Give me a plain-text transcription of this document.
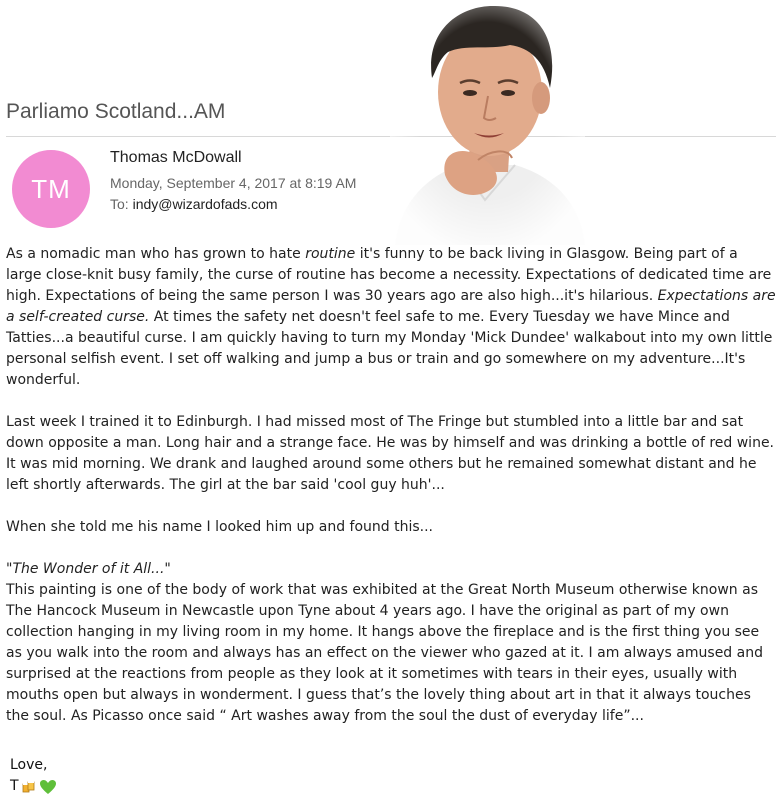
Parliamo Scotland...AM
TM
Thomas McDowall
Monday, September 4, 2017 at 8:19 AM
To: indy@wizardofads.com

As a nomadic man who has grown to hate routine it's funny to be back living in Glasgow. Being part of a large close-knit busy family, the curse of routine has become a necessity. Expectations of dedicated time are high. Expectations of being the same person I was 30 years ago are also high...it's hilarious. Expectations are a self-created curse. At times the safety net doesn't feel safe to me. Every Tuesday we have Mince and Tatties...a beautiful curse. I am quickly having to turn my Monday 'Mick Dundee' walkabout into my own little personal selfish event. I set off walking and jump a bus or train and go somewhere on my adventure...It's wonderful.

Last week I trained it to Edinburgh. I had missed most of The Fringe but stumbled into a little bar and sat down opposite a man. Long hair and a strange face. He was by himself and was drinking a bottle of red wine. It was mid morning. We drank and laughed around some others but he remained somewhat distant and he left shortly afterwards. The girl at the bar said 'cool guy huh'...

When she told me his name I looked him up and found this...

"The Wonder of it All..."

This painting is one of the body of work that was exhibited at the Great North Museum otherwise known as The Hancock Museum in Newcastle upon Tyne about 4 years ago. I have the original as part of my own collection hanging in my living room in my home. It hangs above the fireplace and is the first thing you see as you walk into the room and always has an effect on the viewer who gazed at it. I am always amused and surprised at the reactions from people as they look at it sometimes with tears in their eyes, usually with mouths open but always in wonderment. I guess that’s the lovely thing about art in that it always touches the soul. As Picasso once said “ Art washes away from the soul the dust of everyday life”...

Love,
T
